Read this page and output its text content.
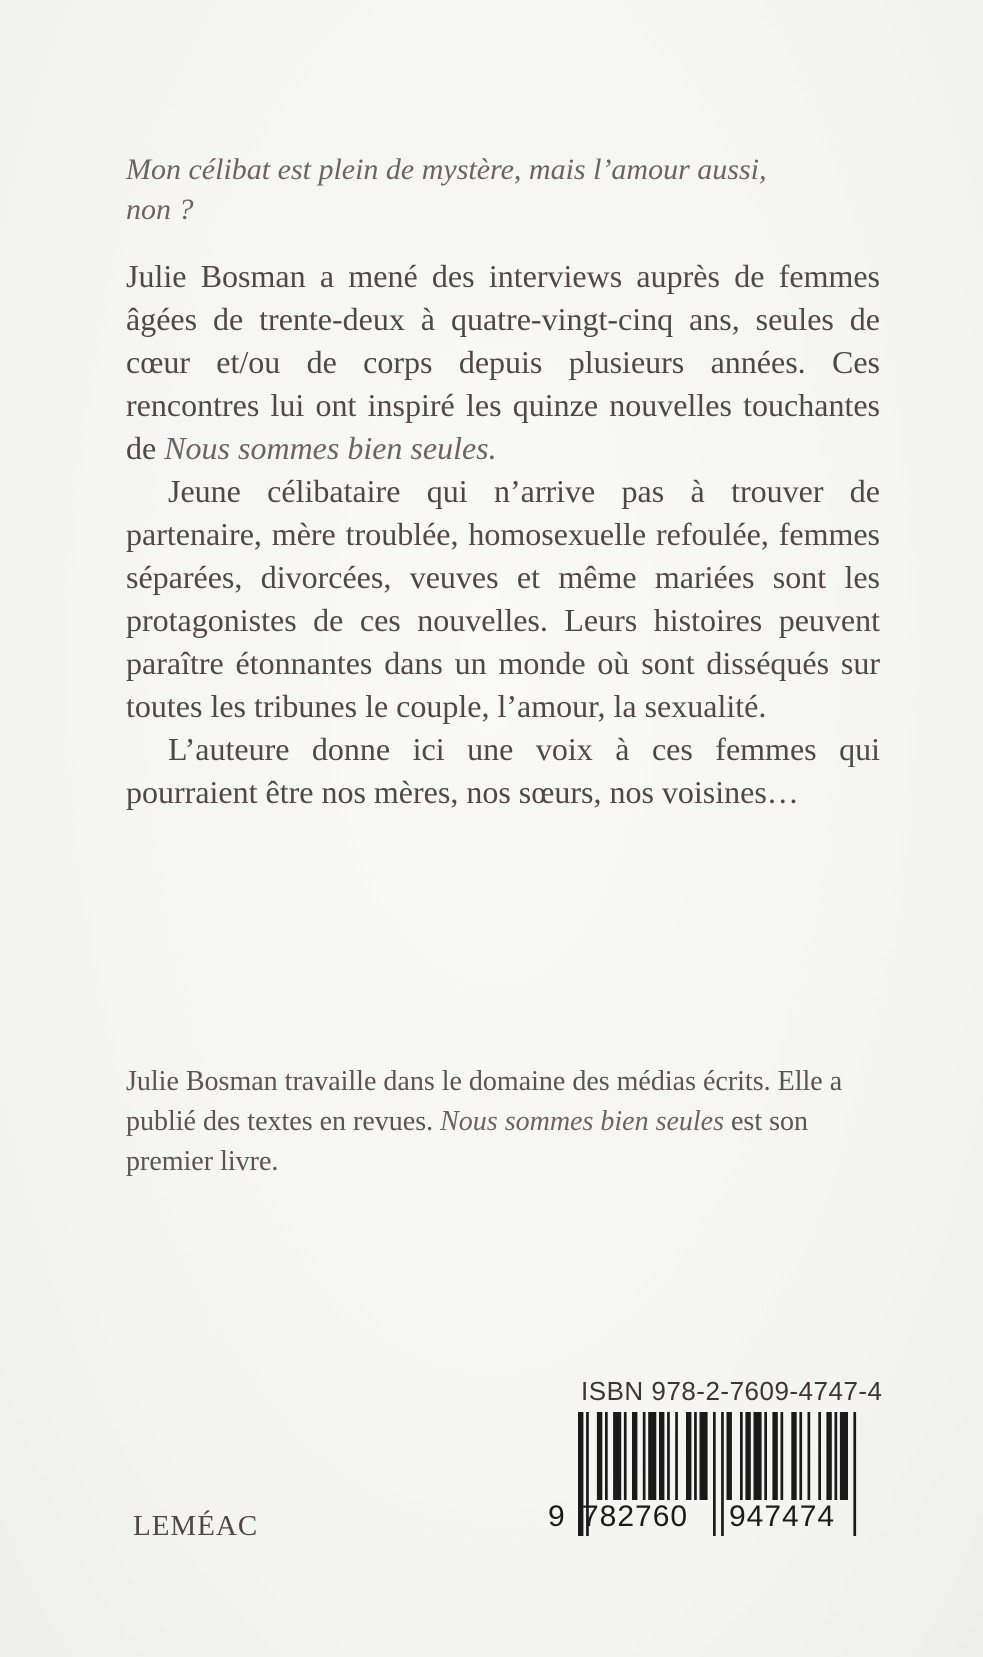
Mon célibat est plein de mystère, mais l’amour aussi,
non ?

Julie Bosman a mené des interviews auprès de femmes âgées de trente-deux à quatre-vingt-cinq ans, seules de cœur et/ou de corps depuis plusieurs années. Ces rencontres lui ont inspiré les quinze nouvelles touchantes de Nous sommes bien seules.

Jeune célibataire qui n’arrive pas à trouver de partenaire, mère troublée, homosexuelle refoulée, femmes séparées, divorcées, veuves et même mariées sont les protagonistes de ces nouvelles. Leurs histoires peuvent paraître étonnantes dans un monde où sont disséqués sur toutes les tribunes le couple, l’amour, la sexualité.

L’auteure donne ici une voix à ces femmes qui pourraient être nos mères, nos sœurs, nos voisines…

Julie Bosman travaille dans le domaine des médias écrits. Elle a publié des textes en revues. Nous sommes bien seules est son premier livre.
LEMÉAC
ISBN 978-2-7609-4747-4
9 782760 947474
